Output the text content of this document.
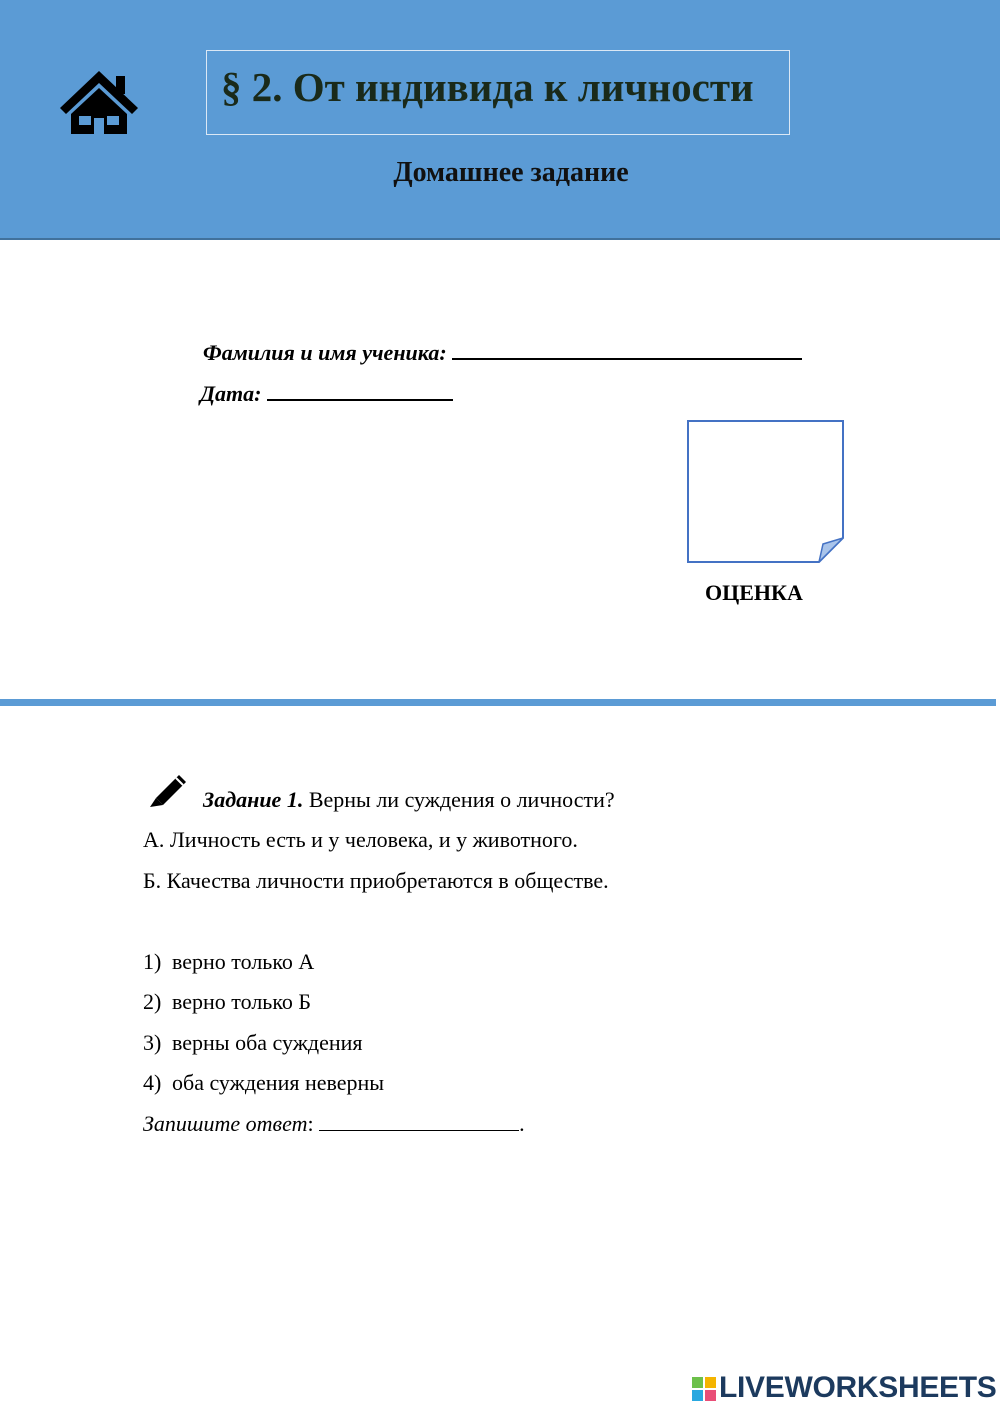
§ 2. От индивида к личности
Домашнее задание
Фамилия и имя ученика:
Дата:
ОЦЕНКА
Задание 1. Верны ли суждения о личности?
А. Личность есть и у человека, и у животного.
Б. Качества личности приобретаются в обществе.
1) верно только А
2) верно только Б
3) верны оба суждения
4) оба суждения неверны
Запишите ответ:	.
LIVEWORKSHEETS
